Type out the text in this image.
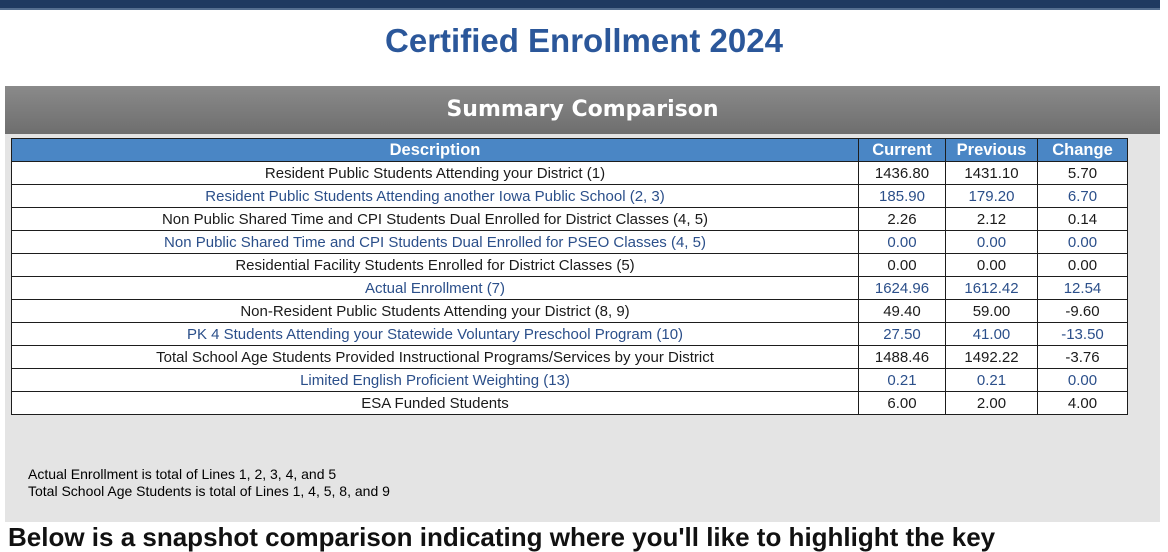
Certified Enrollment 2024
Summary Comparison
Description	Current	Previous	Change
Resident Public Students Attending your District (1)	1436.80	1431.10	5.70
Resident Public Students Attending another Iowa Public School (2, 3)	185.90	179.20	6.70
Non Public Shared Time and CPI Students Dual Enrolled for District Classes (4, 5)	2.26	2.12	0.14
Non Public Shared Time and CPI Students Dual Enrolled for PSEO Classes (4, 5)	0.00	0.00	0.00
Residential Facility Students Enrolled for District Classes (5)	0.00	0.00	0.00
Actual Enrollment (7)	1624.96	1612.42	12.54
Non-Resident Public Students Attending your District (8, 9)	49.40	59.00	-9.60
PK 4 Students Attending your Statewide Voluntary Preschool Program (10)	27.50	41.00	-13.50
Total School Age Students Provided Instructional Programs/Services by your District	1488.46	1492.22	-3.76
Limited English Proficient Weighting (13)	0.21	0.21	0.00
ESA Funded Students	6.00	2.00	4.00
Actual Enrollment is total of Lines 1, 2, 3, 4, and 5
Total School Age Students is total of Lines 1, 4, 5, 8, and 9
Below is a snapshot comparison indicating where you'll like to highlight the key
